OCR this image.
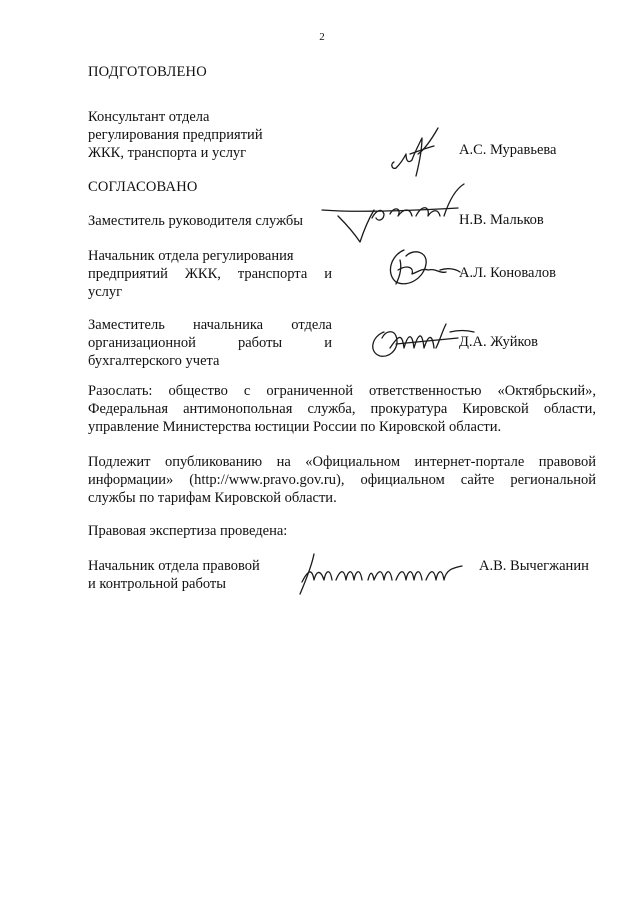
2
ПОДГОТОВЛЕНО
Консультант отдела
регулирования предприятий
ЖКК, транспорта и услуг	А.С. Муравьева
СОГЛАСОВАНО
Заместитель руководителя службы	Н.В. Мальков
Начальник отдела регулирования
предприятий ЖКК, транспорта и
услуг
А.Л. Коновалов
Заместитель начальника отдела
организационной работы и
бухгалтерского учета
Д.А. Жуйков
Разослать: общество с ограниченной ответственностью «Октябрьский»,
Федеральная антимонопольная служба, прокуратура Кировской области,
управление Министерства юстиции России по Кировской области.
Подлежит опубликованию на «Официальном интернет-портале правовой
информации» (http://www.pravo.gov.ru), официальном сайте региональной
службы по тарифам Кировской области.
Правовая экспертиза проведена:
Начальник отдела правовой
и контрольной работы
А.В. Вычегжанин
